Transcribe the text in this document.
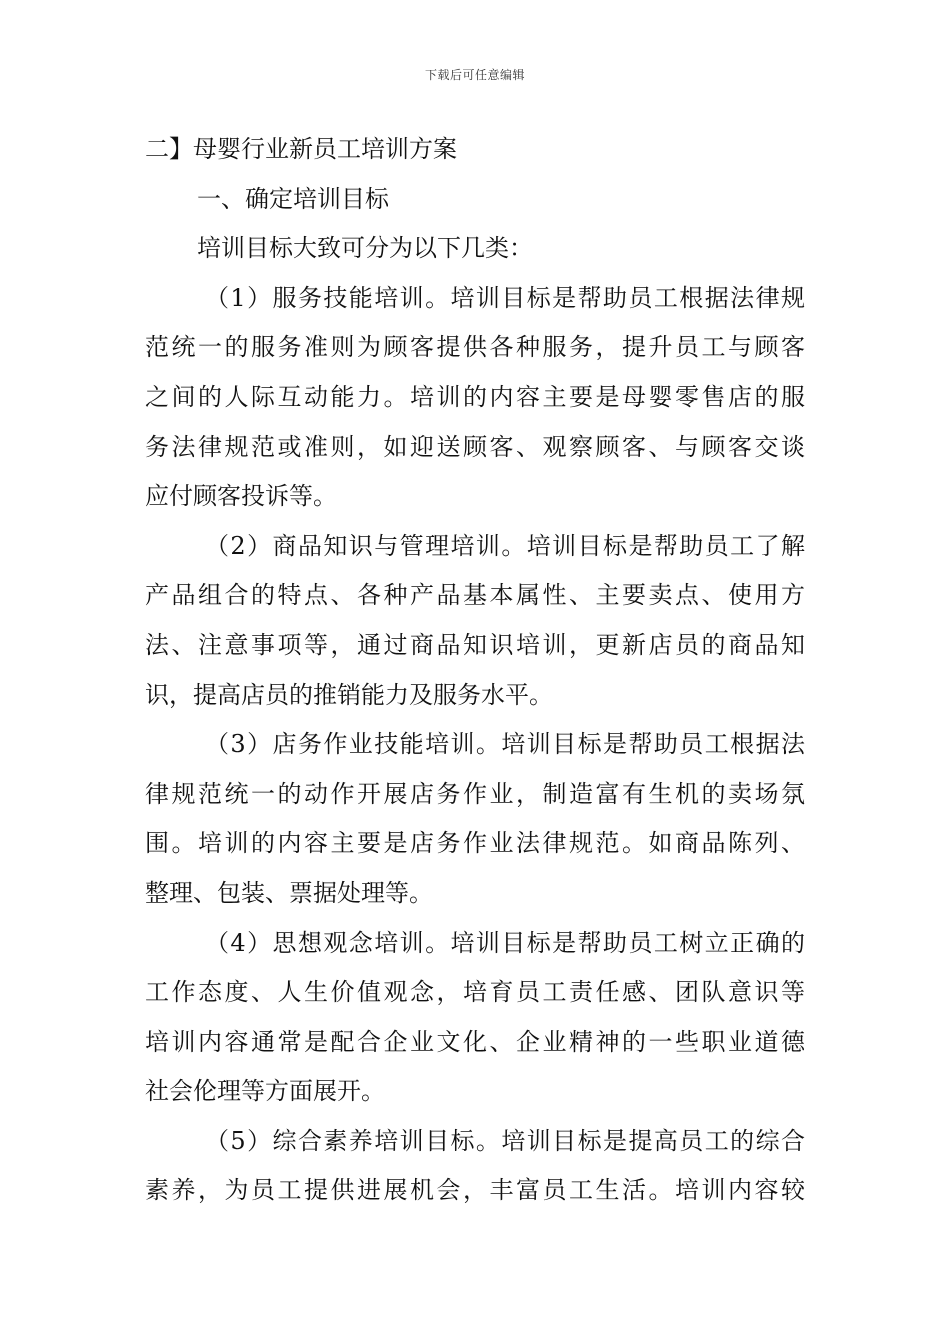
下载后可任意编辑
二】母婴行业新员工培训方案
一、确定培训目标
培训目标大致可分为以下几类：
（1）服务技能培训。培训目标是帮助员工根据法律规
范统一的服务准则为顾客提供各种服务，提升员工与顾客
之间的人际互动能力。培训的内容主要是母婴零售店的服
务法律规范或准则，如迎送顾客、观察顾客、与顾客交谈
应付顾客投诉等。
（2）商品知识与管理培训。培训目标是帮助员工了解
产品组合的特点、各种产品基本属性、主要卖点、使用方
法、注意事项等，通过商品知识培训，更新店员的商品知
识，提高店员的推销能力及服务水平。
（3）店务作业技能培训。培训目标是帮助员工根据法
律规范统一的动作开展店务作业，制造富有生机的卖场氛
围。培训的内容主要是店务作业法律规范。如商品陈列、
整理、包装、票据处理等。
（4）思想观念培训。培训目标是帮助员工树立正确的
工作态度、人生价值观念，培育员工责任感、团队意识等
培训内容通常是配合企业文化、企业精神的一些职业道德
社会伦理等方面展开。
（5）综合素养培训目标。培训目标是提高员工的综合
素养，为员工提供进展机会，丰富员工生活。培训内容较
